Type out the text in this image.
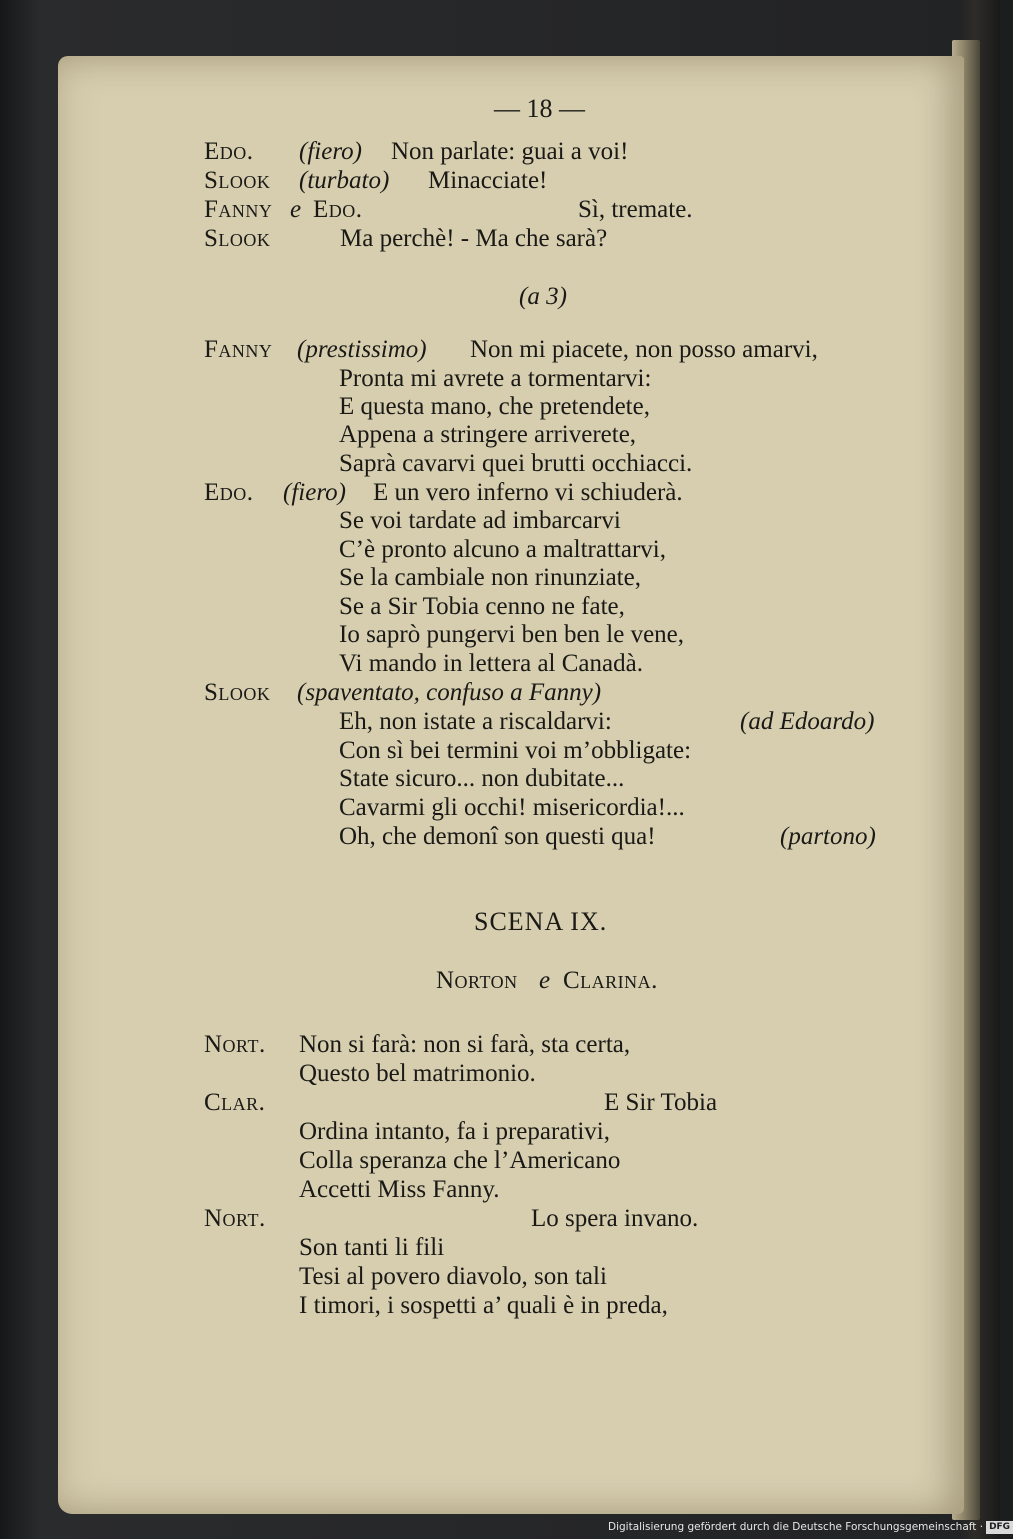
— 18 —
Edo. (fiero) Non parlate: guai a voi!
Slook (turbato) Minacciate!
Fanny e Edo.	Sì, tremate.
Slook	Ma perchè! - Ma che sarà?
(a 3)
Fanny (prestissimo) Non mi piacete, non posso amarvi,
Pronta mi avrete a tormentarvi:
E questa mano, che pretendete,
Appena a stringere arriverete,
Saprà cavarvi quei brutti occhiacci.
Edo. (fiero) E un vero inferno vi schiuderà.
Se voi tardate ad imbarcarvi
C’è pronto alcuno a maltrattarvi,
Se la cambiale non rinunziate,
Se a Sir Tobia cenno ne fate,
Io saprò pungervi ben ben le vene,
Vi mando in lettera al Canadà.
Slook (spaventato, confuso a Fanny)
Eh, non istate a riscaldarvi:	(ad Edoardo)
Con sì bei termini voi m’obbligate:
State sicuro... non dubitate...
Cavarmi gli occhi! misericordia!...
Oh, che demonî son questi qua!	(partono)
SCENA IX.
Norton e Clarina.
Nort. Non si farà: non si farà, sta certa,
Questo bel matrimonio.
Clar.	E Sir Tobia
Ordina intanto, fa i preparativi,
Colla speranza che l’Americano
Accetti Miss Fanny.
Nort.	Lo spera invano.
Son tanti li fili
Tesi al povero diavolo, son tali
I timori, i sospetti a’ quali è in preda,
Digitalisierung gefördert durch die Deutsche Forschungsgemeinschaft · DFG
